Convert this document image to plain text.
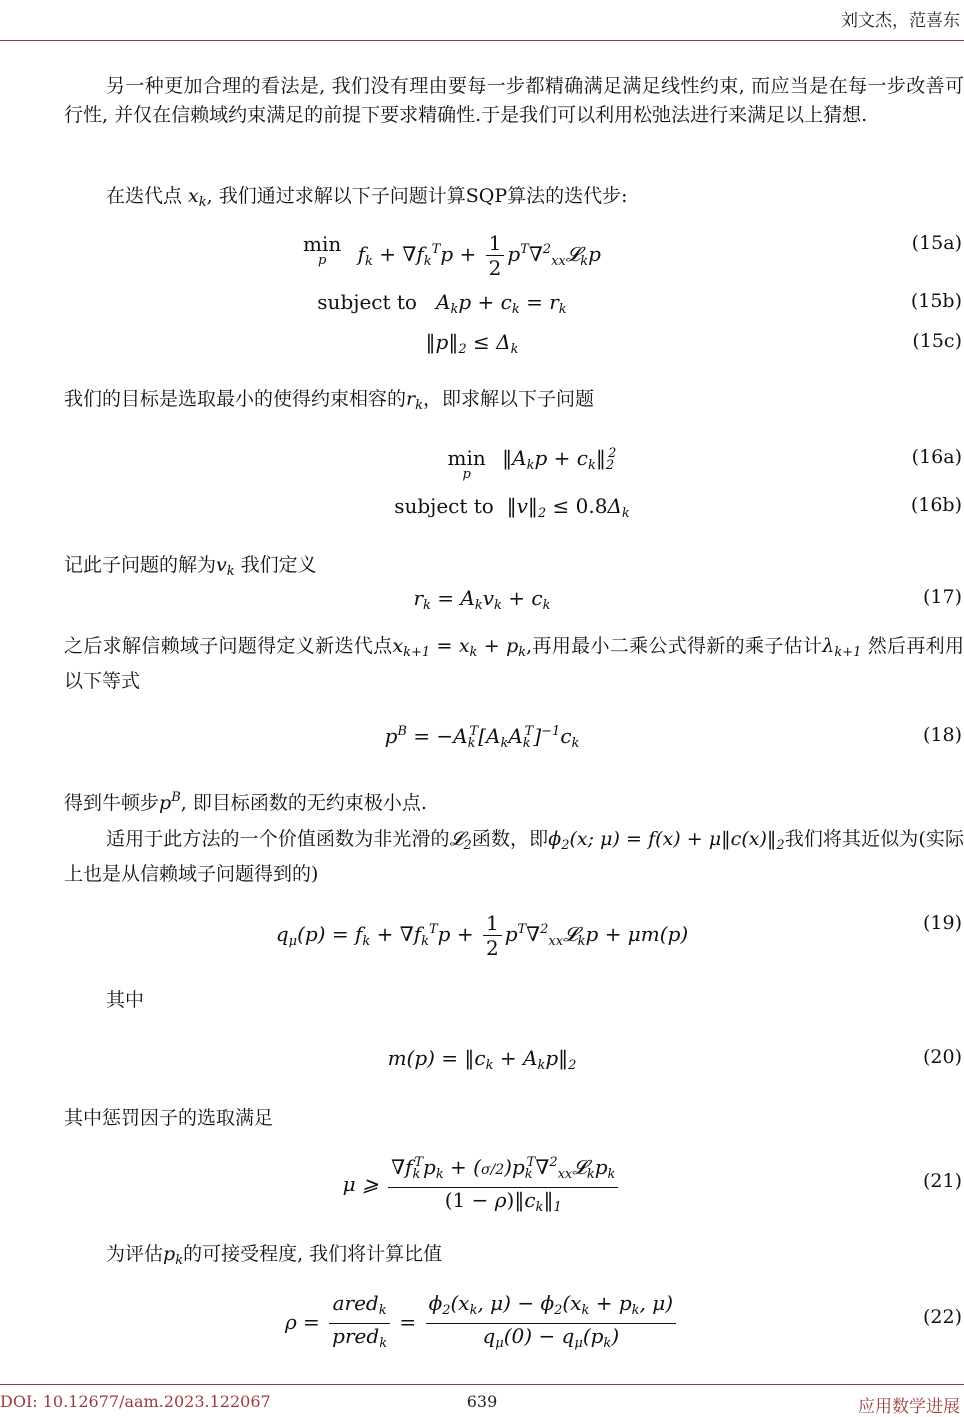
刘文杰，范喜东

另一种更加合理的看法是, 我们没有理由要每一步都精确满足满足线性约束, 而应当是在每一步改善可行性, 并仅在信赖域约束满足的前提下要求精确性.于是我们可以利用松弛法进行来满足以上猜想.

在迭代点 $x_k$, 我们通过求解以下子问题计算SQP算法的迭代步:

min
p	$f_k + \nabla f_k^Tp + \frac{1}{2}$ $p^T\nabla^2_{xx}𝓛_kp$	(15a)
subject to   $A_kp + c_k = r_k$	(15b)
$‖p‖_2 \le \Delta_k$	(15c)

我们的目标是选取最小的使得约束相容的$r_k$，即求解以下子问题

min
p
$‖A_kp$ + $c_k‖_2^2$	(16a)
subject to  $‖v‖_2 \le 0.8\Delta_k$	(16b)

记此子问题的解为$v_k$ 我们定义

$r_k = A_kv_k + c_k$	(17)

之后求解信赖域子问题得定义新迭代点$x_{k+1} = x_k + p_k$,再用最小二乘公式得新的乘子估计$\lambda_{k+1}$ 然后再利用以下等式

$p^B = -A_k^T[A_kA_k^T]^{-1}c_k$	(18)

得到牛顿步$p^B$, 即目标函数的无约束极小点.

适用于此方法的一个价值函数为非光滑的𝓛$_2$函数，即$\phi_2(x$; $\mu) = f(x) + \mu‖c(x)‖_2$我们将其近似为(实际上也是从信赖域子问题得到的)

$q_\mu(p) = f_k + \nabla f_k^Tp + \frac{1}{2}$ $p^T\nabla^2_{xx}𝓛_kp + \mu m(p)$	(19)

其中

$m(p) = ‖c_k$ + $A_kp‖_2$	(20)

其中惩罚因子的选取满足

μ ⩾ $\frac{\nabla f_k^Tp_k + (\sigma/2)p_k^T\nabla^2_{xx}𝓛_kp_k}{(1 - \rho)‖c_k‖_1}$	(21)

为评估$p_k$的可接受程度, 我们将计算比值

$\rho = \frac{ared_k}{pred_k} = \frac{\phi_2(x_k, \mu) - \phi_2(x_k + p_k, \mu)}{q_\mu(0) - q_\mu(p_k)}$	(22)
DOI: 10.12677/aam.2023.122067	639	应用数学进展
